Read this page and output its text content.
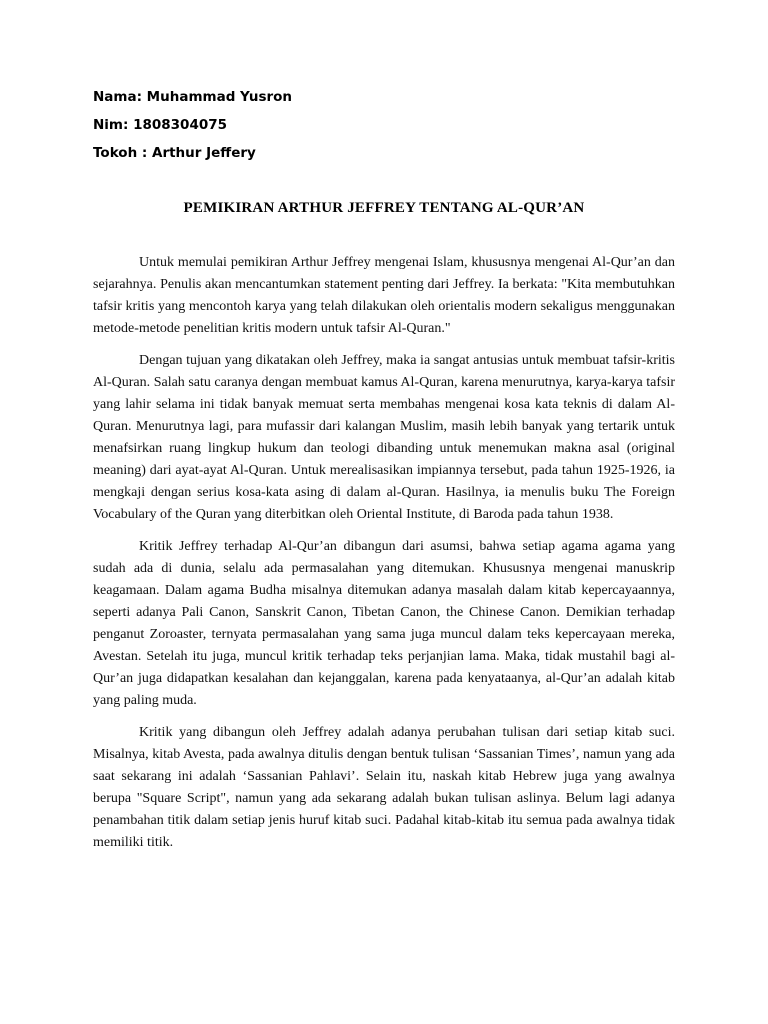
Nama: Muhammad Yusron
Nim: 1808304075
Tokoh : Arthur Jeffery
PEMIKIRAN ARTHUR JEFFREY TENTANG AL-QUR’AN

Untuk memulai pemikiran Arthur Jeffrey mengenai Islam, khususnya mengenai Al-Qur’an dan sejarahnya. Penulis akan mencantumkan statement penting dari Jeffrey. Ia berkata: "Kita membutuhkan tafsir kritis yang mencontoh karya yang telah dilakukan oleh orientalis modern sekaligus menggunakan metode-metode penelitian kritis modern untuk tafsir Al-Quran."

Dengan tujuan yang dikatakan oleh Jeffrey, maka ia sangat antusias untuk membuat tafsir-kritis Al-Quran. Salah satu caranya dengan membuat kamus Al-Quran, karena menurutnya, karya-karya tafsir yang lahir selama ini tidak banyak memuat serta membahas mengenai kosa kata teknis di dalam Al-Quran. Menurutnya lagi, para mufassir dari kalangan Muslim, masih lebih banyak yang tertarik untuk menafsirkan ruang lingkup hukum dan teologi dibanding untuk menemukan makna asal (original meaning) dari ayat-ayat Al-Quran. Untuk merealisasikan impiannya tersebut, pada tahun 1925-1926, ia mengkaji dengan serius kosa-kata asing di dalam al-Quran. Hasilnya, ia menulis buku The Foreign Vocabulary of the Quran yang diterbitkan oleh Oriental Institute, di Baroda pada tahun 1938.

Kritik Jeffrey terhadap Al-Qur’an dibangun dari asumsi, bahwa setiap agama agama yang sudah ada di dunia, selalu ada permasalahan yang ditemukan. Khususnya mengenai manuskrip keagamaan. Dalam agama Budha misalnya ditemukan adanya masalah dalam kitab kepercayaannya, seperti adanya Pali Canon, Sanskrit Canon, Tibetan Canon, the Chinese Canon. Demikian terhadap penganut Zoroaster, ternyata permasalahan yang sama juga muncul dalam teks kepercayaan mereka, Avestan. Setelah itu juga, muncul kritik terhadap teks perjanjian lama. Maka, tidak mustahil bagi al-Qur’an juga didapatkan kesalahan dan kejanggalan, karena pada kenyataanya, al-Qur’an adalah kitab yang paling muda.

Kritik yang dibangun oleh Jeffrey adalah adanya perubahan tulisan dari setiap kitab suci. Misalnya, kitab Avesta, pada awalnya ditulis dengan bentuk tulisan ‘Sassanian Times’, namun yang ada saat sekarang ini adalah ‘Sassanian Pahlavi’. Selain itu, naskah kitab Hebrew juga yang awalnya berupa "Square Script", namun yang ada sekarang adalah bukan tulisan aslinya. Belum lagi adanya penambahan titik dalam setiap jenis huruf kitab suci. Padahal kitab-kitab itu semua pada awalnya tidak memiliki titik.
